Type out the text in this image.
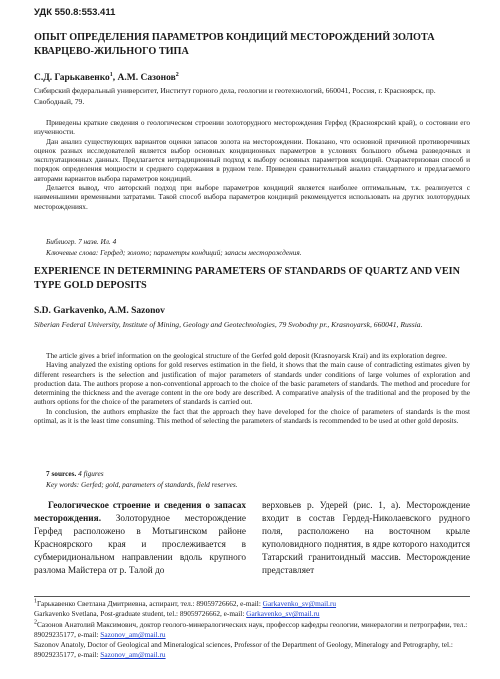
УДК 550.8:553.411
ОПЫТ ОПРЕДЕЛЕНИЯ ПАРАМЕТРОВ КОНДИЦИЙ МЕСТОРОЖДЕНИЙ ЗОЛОТА КВАРЦЕВО-ЖИЛЬНОГО ТИПА
С.Д. Гарькавенко$^1$, А.М. Сазонов$^2$
Сибирский федеральный университет, Институт горного дела, геологии и геотехнологий, 660041, Россия, г. Красноярск, пр. Свободный, 79.

Приведены краткие сведения о геологическом строении золоторудного месторождения Герфед (Красноярский край), о состоянии его изученности.

Дан анализ существующих вариантов оценки запасов золота на месторождении. Показано, что основной причиной противоречивых оценок разных исследователей является выбор основных кондиционных параметров в условиях большого объема разведочных и эксплуатационных данных. Предлагается нетрадиционный подход к выбору основных параметров кондиций. Охарактеризован способ и порядок определения мощности и среднего содержания в рудном теле. Приведен сравнительный анализ стандартного и предлагаемого авторами вариантов выбора параметров кондиций.

Делается вывод, что авторский подход при выборе параметров кондиций является наиболее оптимальным, т.к. реализуется с наименьшими временными затратами. Такой способ выбора параметров кондиций рекомендуется использовать на других золоторудных месторождениях.

Библиогр. 7 назв. Ил. 4
Ключевые слова: Герфед; золото; параметры кондиций; запасы месторождения.
EXPERIENCE IN DETERMINING PARAMETERS OF STANDARDS OF QUARTZ AND VEIN TYPE GOLD DEPOSITS
S.D. Garkavenko, A.M. Sazonov
Siberian Federal University, Institute of Mining, Geology and Geotechnologies, 79 Svobodny pr., Krasnoyarsk, 660041, Russia.

The article gives a brief information on the geological structure of the Gerfed gold deposit (Krasnoyarsk Krai) and its exploration degree.

Having analyzed the existing options for gold reserves estimation in the field, it shows that the main cause of contradicting estimates given by different researchers is the selection and justification of major parameters of standards under conditions of large volumes of exploration and production data. The authors propose a non-conventional approach to the choice of the basic parameters of standards. The method and procedure for determining the thickness and the average content in the ore body are described. A comparative analysis of the traditional and the proposed by the authors options for the choice of the parameters of standards is carried out.

In conclusion, the authors emphasize the fact that the approach they have developed for the choice of parameters of standards is the most optimal, as it is the least time consuming. This method of selecting the parameters of standards is recommended to be used at other gold deposits.

7 sources. 4 figures
Key words: Gerfed; gold, parameters of standards, field reserves.

Геологическое строение и сведения о запасах месторождения. Золоторудное месторождение Герфед расположено в Мотыгинском районе Красноярского края и прослеживается в субмеридиональном направлении вдоль крупного разлома Майстера от р. Талой до

верховьев р. Удерей (рис. 1, а). Месторождение входит в состав Гердед-Николаевского рудного поля, расположено на восточном крыле куполовидного поднятия, в ядре которого находится Татарский гранитоидный массив. Месторождение представляет

$^1$Гарькавенко Светлана Дмитриевна, аспирант, тел.: 89059726662, e-mail: Garkavenko_sv@mail.ru

Garkavenko Svetlana, Post-graduate student, tel.: 89059726662, e-mail: Garkavenko_sv@mail.ru

$^2$Сазонов Анатолий Максимович, доктор геолого-минералогических наук, профессор кафедры геологии, минералогии и петрографии, тел.: 89029235177, e-mail: Sazonov_am@mail.ru

Sazonov Anatoly, Doctor of Geological and Mineralogical sciences, Professor of the Department of Geology, Mineralogy and Petrography, tel.: 89029235177, e-mail: Sazonov_am@mail.ru
